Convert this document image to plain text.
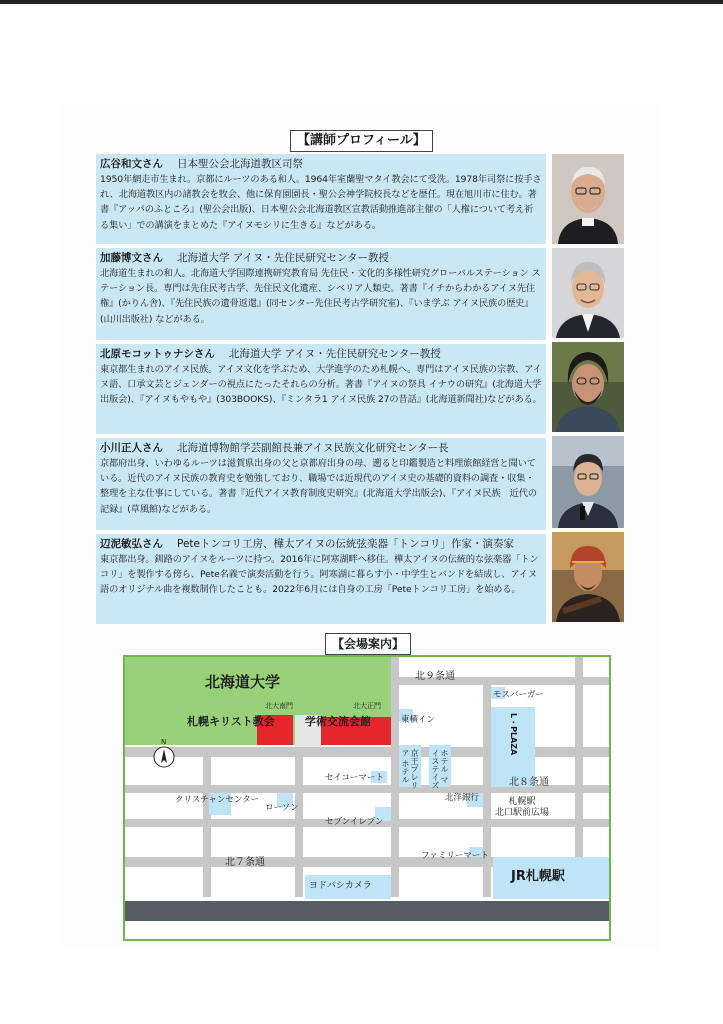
【講師プロフィール】
広谷和文さん 日本聖公会北海道教区司祭
1950年網走市生まれ。京都にルーツのある和人。1964年室蘭聖マタイ教会にて受洗。1978年司祭に按手され、北海道教区内の諸教会を牧会、他に保育園園長・聖公会神学院校長などを歴任。現在旭川市に住む。著書『アッパのふところ』(聖公会出版)、日本聖公会北海道教区宣教活動推進部主催の「人権について考え祈る集い」での講演をまとめた『アイヌモシリに生きる』などがある。
加藤博文さん 北海道大学 アイヌ・先住民研究センター教授
北海道生まれの和人。北海道大学国際連携研究教育局 先住民・文化的多様性研究グローバルステーション ステーション長。専門は先住民考古学、先住民文化遺産、シベリア人類史。著書『イチからわかるアイヌ先住権』(かりん舎)、『先住民族の遺骨返還』(同センター先住民考古学研究室)、『いま学ぶ アイヌ民族の歴史』(山川出版社) などがある。
北原モコットゥナシさん 北海道大学 アイヌ・先住民研究センター教授
東京都生まれのアイヌ民族。アイヌ文化を学ぶため、大学進学のため札幌へ。専門はアイヌ民族の宗教、アイヌ語、口承文芸とジェンダーの視点にたったそれらの分析。著書『アイヌの祭具 イナウの研究』(北海道大学出版会)、『アイヌもやもや』(303BOOKS)、『ミンタラ1 アイヌ民族 27の昔話』(北海道新聞社)などがある。
小川正人さん 北海道博物館学芸副館長兼アイヌ民族文化研究センター長
京都府出身、いわゆるルーツは滋賀県出身の父と京都府出身の母、遡ると印鑑製造と料理旅館経営と聞いている。近代のアイヌ民族の教育史を勉強しており、職場では近現代のアイヌ史の基礎的資料の調査・収集・整理を主な仕事にしている。著書『近代アイヌ教育制度史研究』(北海道大学出版会)、『アイヌ民族　近代の記録』(草風館)などがある。
辺泥敏弘さん Peteトンコリ工房、樺太アイヌの伝統弦楽器「トンコリ」作家・演奏家
東京都出身。釧路のアイヌをルーツに持つ。2016年に阿寒湖畔へ移住。樺太アイヌの伝統的な弦楽器「トンコリ」を製作する傍ら、Pete名義で演奏活動を行う。阿寒湖に暮らす小・中学生とバンドを結成し、アイヌ語のオリジナル曲を複数制作したことも。2022年6月には自身の工房「Peteトンコリ工房」を始める。
【会場案内】
N
北海道大学
北大南門	北大正門
札幌キリスト教会	学術交流会館
北９条通
モスバーガー
東横イン	L・PLAZA
京王プレリア ホテル	ホテル マイステイズ
セイコーマート	北８条通
クリスチャンセンター
ローソン
北洋銀行
セブンイレブン
札幌駅
北口駅前広場
ファミリーマート
北７条通
ヨドバシカメラ
JR札幌駅
